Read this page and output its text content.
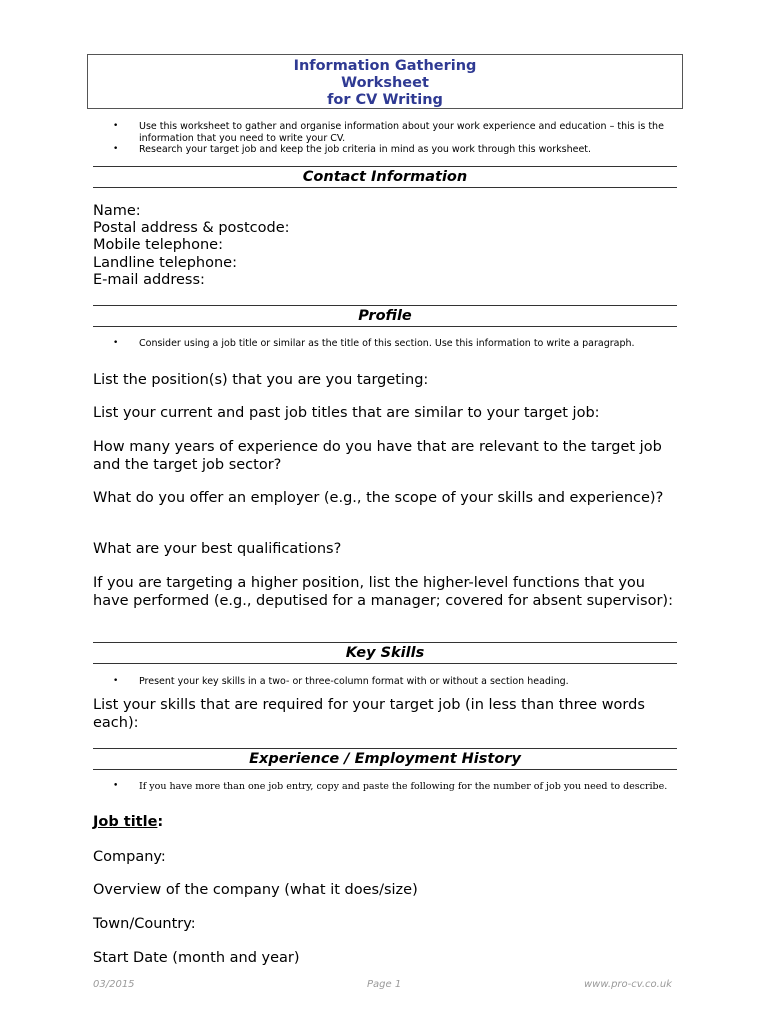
Information Gathering
Worksheet
for CV Writing
• Use this worksheet to gather and organise information about your work experience and education – this is the information that you need to write your CV.
• Research your target job and keep the job criteria in mind as you work through this worksheet.
Contact Information
Name:
Postal address & postcode:
Mobile telephone:
Landline telephone:
E-mail address:
Profile
• Consider using a job title or similar as the title of this section. Use this information to write a paragraph.
List the position(s) that you are you targeting:
List your current and past job titles that are similar to your target job:
How many years of experience do you have that are relevant to the target job and the target job sector?
What do you offer an employer (e.g., the scope of your skills and experience)?
What are your best qualifications?
If you are targeting a higher position, list the higher-level functions that you have performed (e.g., deputised for a manager; covered for absent supervisor):
Key Skills
• Present your key skills in a two- or three-column format with or without a section heading.
List your skills that are required for your target job (in less than three words each):
Experience / Employment History
• If you have more than one job entry, copy and paste the following for the number of job you need to describe.
Job title:
Company:
Overview of the company (what it does/size)
Town/Country:
Start Date (month and year)
03/2015	Page 1	www.pro-cv.co.uk
